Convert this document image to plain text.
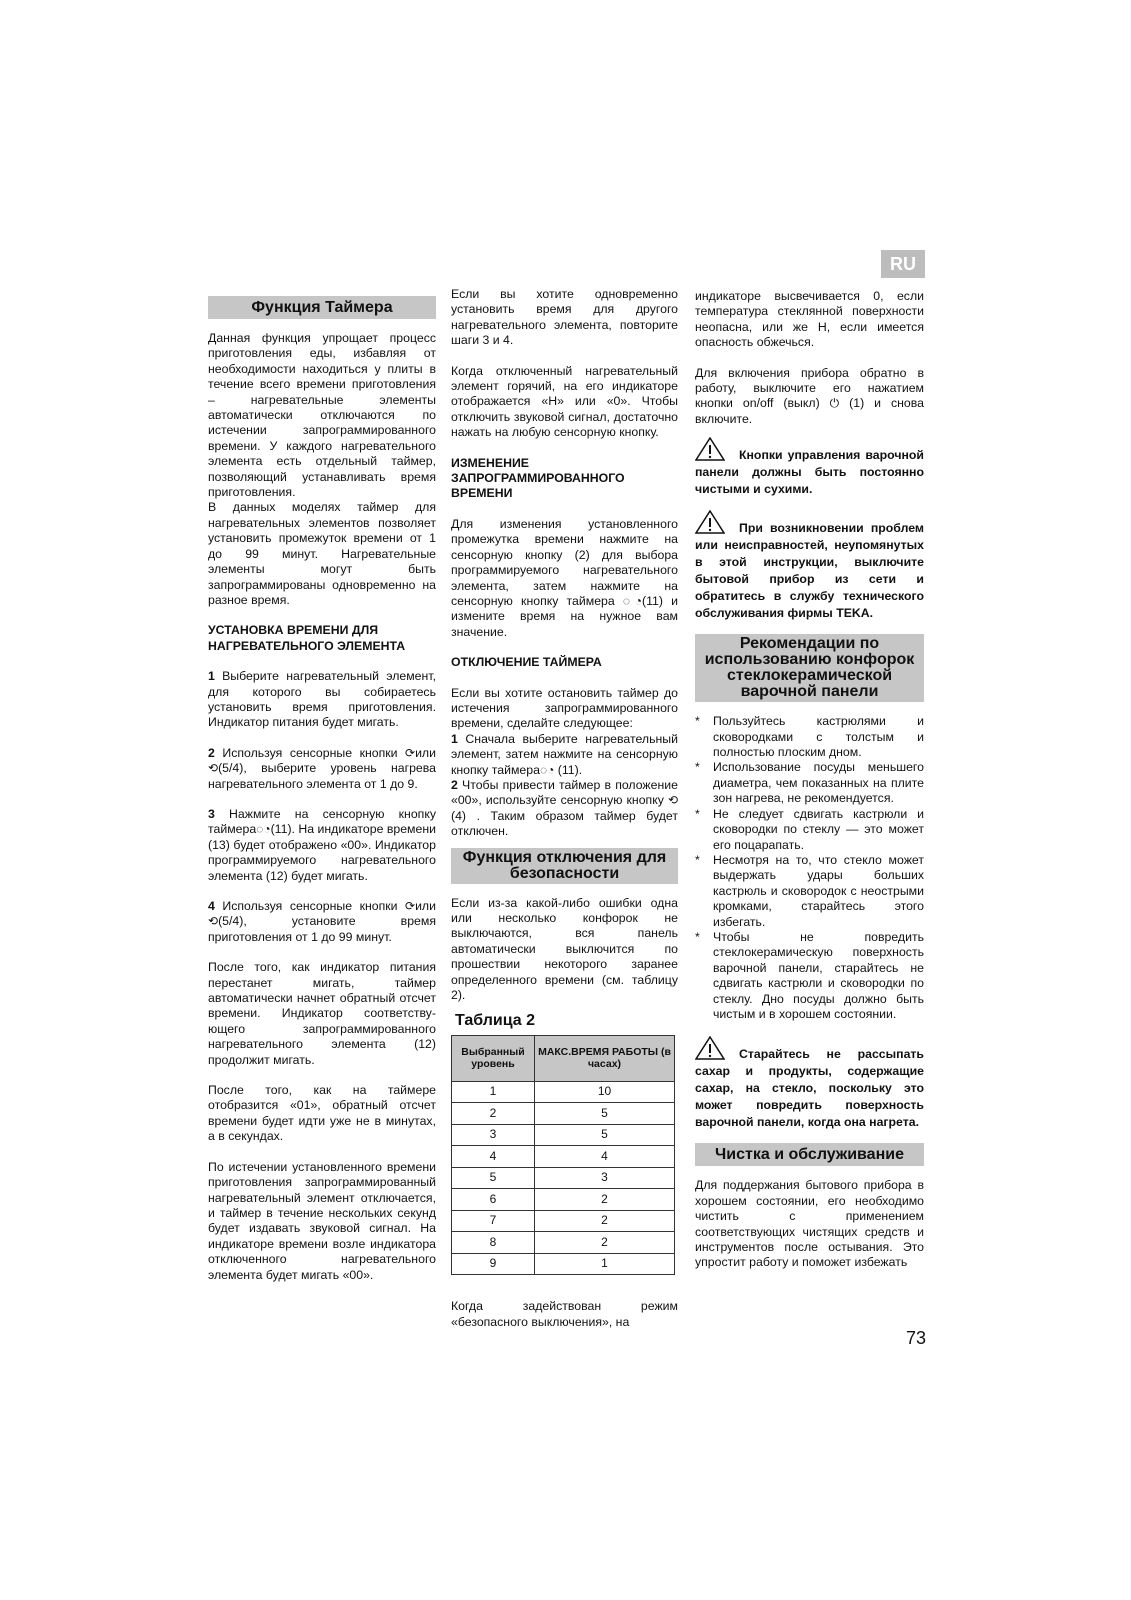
RU
Функция Таймера

Данная функция упрощает процесс приготовления еды, избавляя от необходимости находиться у плиты в течение всего времени приготовления – нагревательные элементы автоматически отключаются по истечении запрограммированного времени. У каждого нагревательного элемента есть отдельный таймер, позволяющий устанавливать время приготовления.

В данных моделях таймер для нагревательных элементов позволяет установить промежуток времени от 1 до 99 минут. Нагревательные элементы могут быть запрограммированы одновременно на разное время.

УСТАНОВКА ВРЕМЕНИ ДЛЯ НАГРЕВАТЕЛЬНОГО ЭЛЕМЕНТА

1 Выберите нагревательный элемент, для которого вы собираетесь установить время приготовления. Индикатор питания будет мигать.

2 Используя сенсорные кнопки ⟳или ⟲(5/4), выберите уровень нагрева нагревательного элемента от 1 до 9.

3 Нажмите на сенсорную кнопку таймера◌◔(11). На индикаторе времени (13) будет отображено «00». Индикатор программируемого нагревательного элемента (12) будет мигать.

4 Используя сенсорные кнопки ⟳или ⟲(5/4), установите время приготовления от 1 до 99 минут.

После того, как индикатор питания перестанет мигать, таймер автоматически начнет обратный отсчет времени. Индикатор соответству- ющего запрограммированного нагревательного элемента (12) продолжит мигать.

После того, как на таймере отобразится «01», обратный отсчет времени будет идти уже не в минутах, а в секундах.

По истечении установленного времени приготовления запрограммированный нагревательный элемент отключается, и таймер в течение нескольких секунд будет издавать звуковой сигнал. На индикаторе времени возле индикатора отключенного нагревательного элемента будет мигать «00».

Если вы хотите одновременно установить время для другого нагревательного элемента, повторите шаги 3 и 4.

Когда отключенный нагревательный элемент горячий, на его индикаторе отображается «H» или «0». Чтобы отключить звуковой сигнал, достаточно нажать на любую сенсорную кнопку.

ИЗМЕНЕНИЕ ЗАПРОГРАММИРОВАННОГО ВРЕМЕНИ

Для изменения установленного промежутка времени нажмите на сенсорную кнопку (2) для выбора программируемого нагревательного элемента, затем нажмите на сенсорную кнопку таймера ◌◔(11) и измените время на нужное вам значение.

ОТКЛЮЧЕНИЕ ТАЙМЕРА

Если вы хотите остановить таймер до истечения запрограммированного времени, сделайте следующее:

1 Сначала выберите нагревательный элемент, затем нажмите на сенсорную кнопку таймера◌◔ (11).

2 Чтобы привести таймер в положение «00», используйте сенсорную кнопку ⟲ (4) . Таким образом таймер будет отключен.

Функция отключения для безопасности

Если из-за какой-либо ошибки одна или несколько конфорок не выключаются, вся панель автоматически выключится по прошествии некоторого заранее определенного времени (см. таблицу 2).

Таблица 2
Выбранный уровень	МАКС.ВРЕМЯ РАБОТЫ (в часах)
1	10
2	5
3	5
4	4
5	3
6	2
7	2
8	2
9	1

Когда задействован режим «безопасного выключения», на

индикаторе высвечивается 0, если температура стеклянной поверхности неопасна, или же H, если имеется опасность обжечься.

Для включения прибора обратно в работу, выключите его нажатием кнопки on/off (выкл) ⏻ (1) и снова включите.

Кнопки управления варочной панели должны быть постоянно чистыми и сухими.
При возникновении проблем или неисправностей, неупомянутых в этой инструкции, выключите бытовой прибор из сети и обратитесь в службу технического обслуживания фирмы TEKA.
Рекомендации по использованию конфорок стеклокерамической варочной панели
* Пользуйтесь кастрюлями и сковородками с толстым и полностью плоским дном.
* Использование посуды меньшего диаметра, чем показанных на плите зон нагрева, не рекомендуется.
* Не следует сдвигать кастрюли и сковородки по стеклу — это может его поцарапать.
* Несмотря на то, что стекло может выдержать удары больших кастрюль и сковородок с неострыми кромками, старайтесь этого избегать.
* Чтобы не повредить стеклокерамическую поверхность варочной панели, старайтесь не сдвигать кастрюли и сковородки по стеклу. Дно посуды должно быть чистым и в хорошем состоянии.
Старайтесь не рассыпать сахар и продукты, содержащие сахар, на стекло, поскольку это может повредить поверхность варочной панели, когда она нагрета.
Чистка и обслуживание

Для поддержания бытового прибора в хорошем состоянии, его необходимо чистить с применением соответствующих чистящих средств и инструментов после остывания. Это упростит работу и поможет избежать

73
